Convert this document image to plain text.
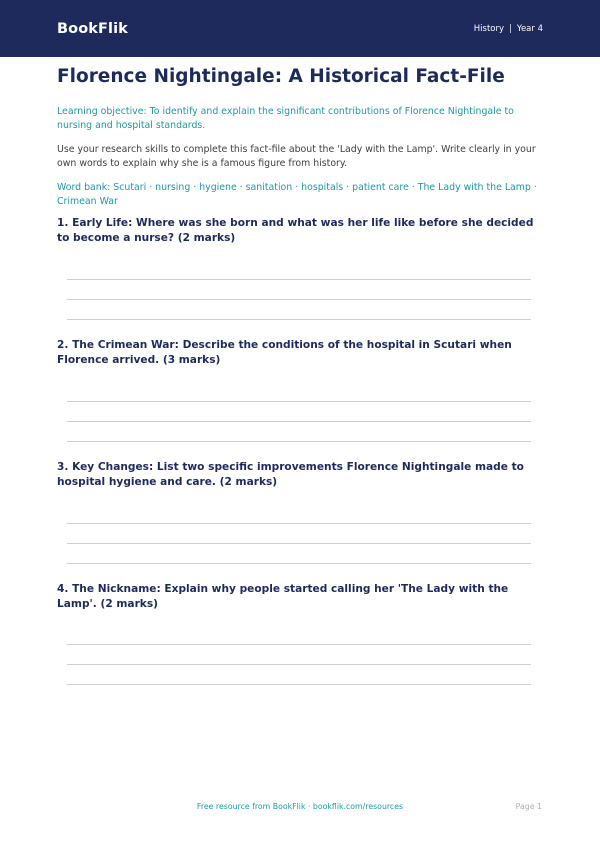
BookFlik	History | Year 4
Florence Nightingale: A Historical Fact-File

Learning objective: To identify and explain the significant contributions of Florence Nightingale to nursing and hospital standards.

Use your research skills to complete this fact-file about the 'Lady with the Lamp'. Write clearly in your own words to explain why she is a famous figure from history.

Word bank: Scutari · nursing · hygiene · sanitation · hospitals · patient care · The Lady with the Lamp · Crimean War

1. Early Life: Where was she born and what was her life like before she decided to become a nurse? (2 marks)
2. The Crimean War: Describe the conditions of the hospital in Scutari when Florence arrived. (3 marks)
3. Key Changes: List two specific improvements Florence Nightingale made to hospital hygiene and care. (2 marks)
4. The Nickname: Explain why people started calling her 'The Lady with the Lamp'. (2 marks)
Free resource from BookFlik · bookflik.com/resources	Page 1
